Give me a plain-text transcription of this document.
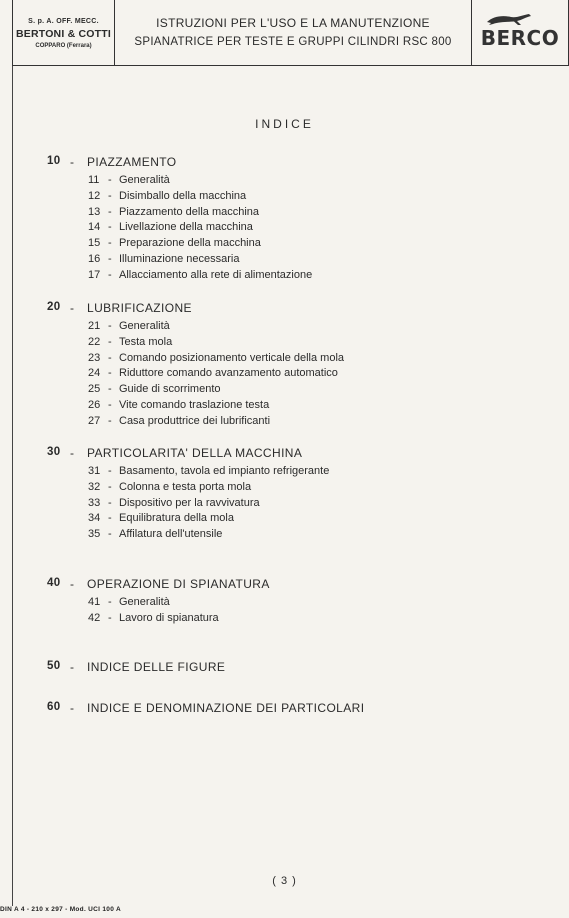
S. p. A. OFF. MECC.
BERTONI & COTTI
COPPARO (Ferrara)
ISTRUZIONI PER L'USO E LA MANUTENZIONE
SPIANATRICE PER TESTE E GRUPPI CILINDRI RSC 800 BERCO
INDICE
10 - PIAZZAMENTO
11 - Generalità
12 - Disimballo della macchina
13 - Piazzamento della macchina
14 - Livellazione della macchina
15 - Preparazione della macchina
16 - Illuminazione necessaria
17 - Allacciamento alla rete di alimentazione
20 - LUBRIFICAZIONE
21 - Generalità
22 - Testa mola
23 - Comando posizionamento verticale della mola
24 - Riduttore comando avanzamento automatico
25 - Guide di scorrimento
26 - Vite comando traslazione testa
27 - Casa produttrice dei lubrificanti
30 - PARTICOLARITA' DELLA MACCHINA
31 - Basamento, tavola ed impianto refrigerante
32 - Colonna e testa porta mola
33 - Dispositivo per la ravvivatura
34 - Equilibratura della mola
35 - Affilatura dell'utensile
40 - OPERAZIONE DI SPIANATURA
41 - Generalità
42 - Lavoro di spianatura
50 - INDICE DELLE FIGURE
60 - INDICE E DENOMINAZIONE DEI PARTICOLARI
( 3 )
DIN A 4 - 210 x 297 - Mod. UCI 100 A
